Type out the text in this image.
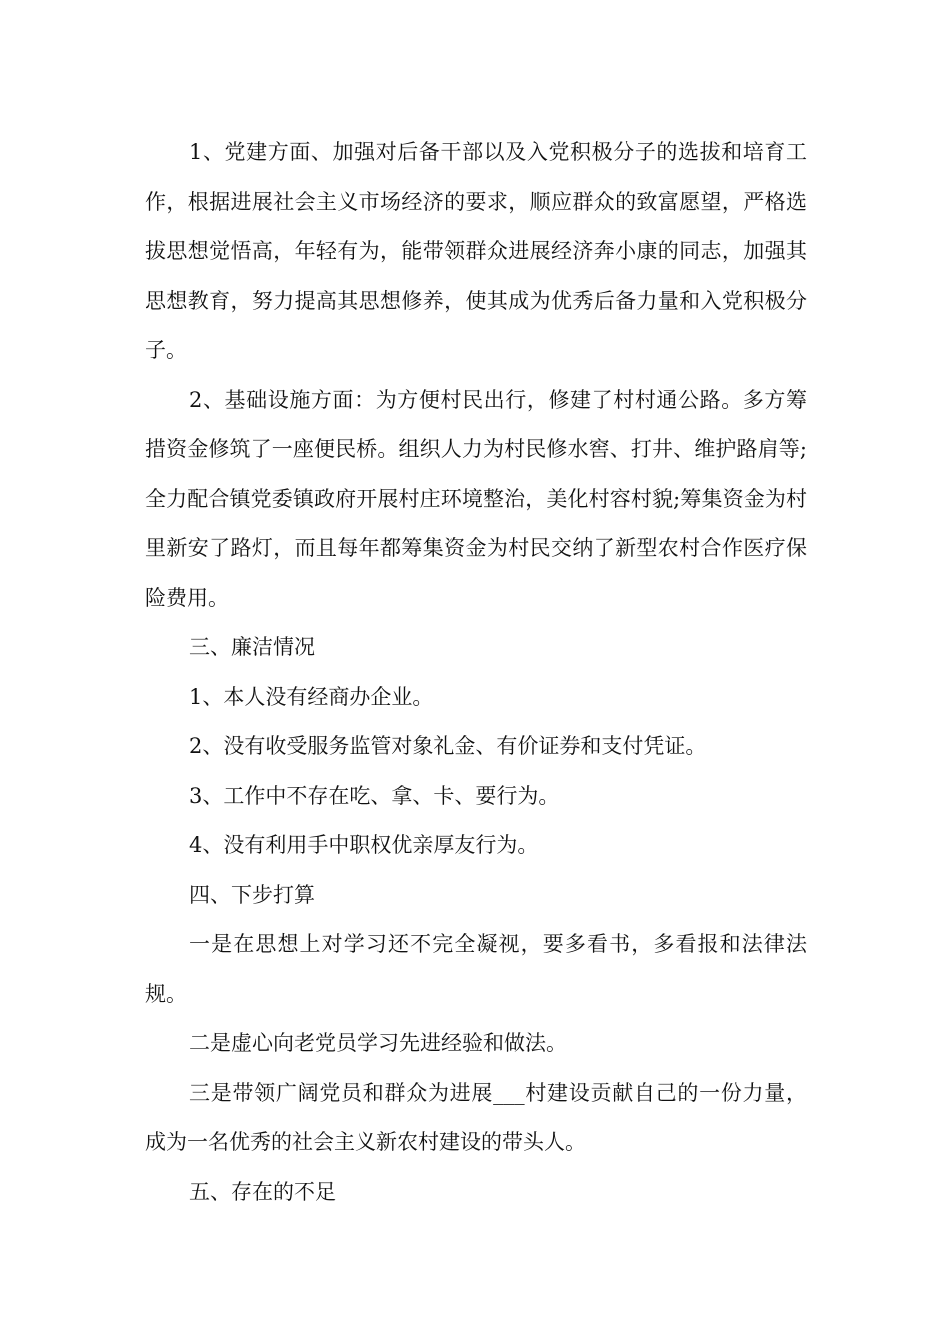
1、党建方面、加强对后备干部以及入党积极分子的选拔和培育工作，根据进展社会主义市场经济的要求，顺应群众的致富愿望，严格选拔思想觉悟高，年轻有为，能带领群众进展经济奔小康的同志，加强其思想教育，努力提高其思想修养，使其成为优秀后备力量和入党积极分子。

2、基础设施方面：为方便村民出行，修建了村村通公路。多方筹措资金修筑了一座便民桥。组织人力为村民修水窖、打井、维护路肩等;全力配合镇党委镇政府开展村庄环境整治，美化村容村貌;筹集资金为村里新安了路灯，而且每年都筹集资金为村民交纳了新型农村合作医疗保险费用。

三、廉洁情况

1、本人没有经商办企业。

2、没有收受服务监管对象礼金、有价证券和支付凭证。

3、工作中不存在吃、拿、卡、要行为。

4、没有利用手中职权优亲厚友行为。

四、下步打算

一是在思想上对学习还不完全凝视，要多看书，多看报和法律法规。

二是虚心向老党员学习先进经验和做法。

三是带领广阔党员和群众为进展___村建设贡献自己的一份力量，成为一名优秀的社会主义新农村建设的带头人。

五、存在的不足
